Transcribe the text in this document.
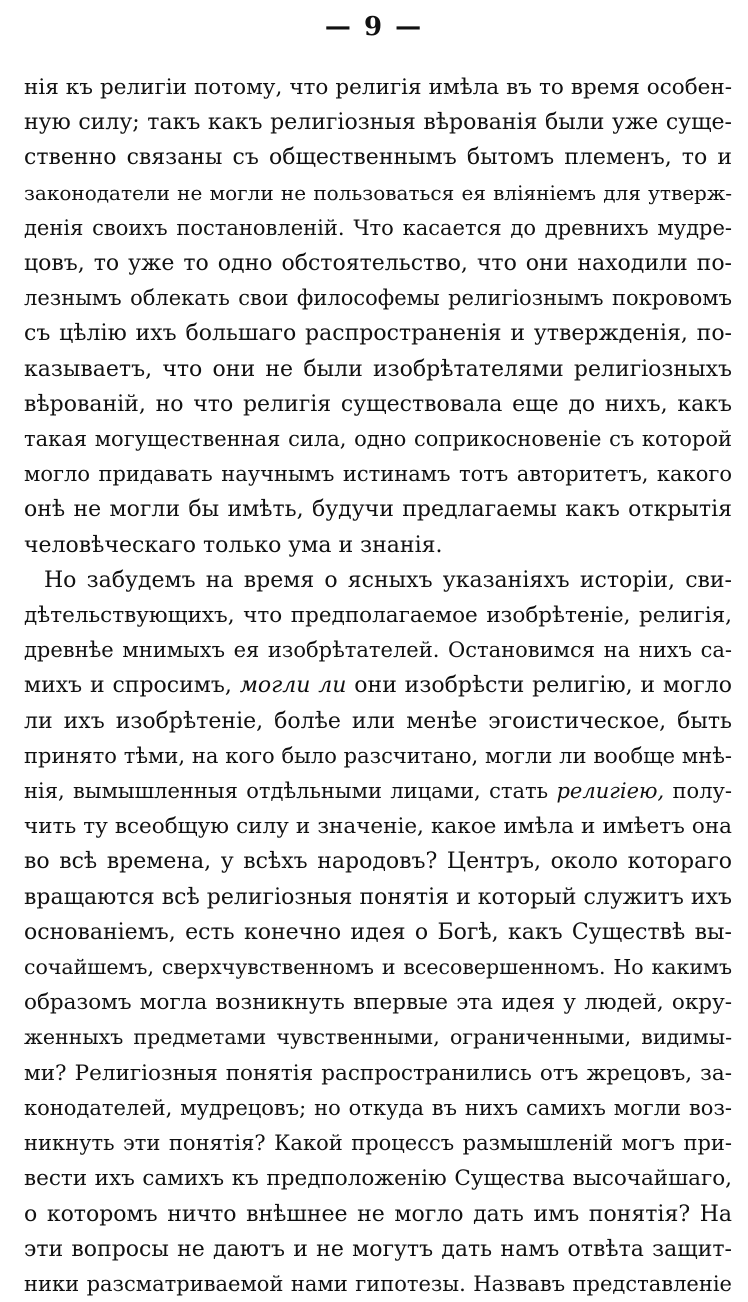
— 9 —
нія къ религіи потому, что религія имѣла въ то время особен-
ную силу; такъ какъ религіозныя вѣрованія были уже суще-
ственно связаны съ общественнымъ бытомъ племенъ, то и
законодатели не могли не пользоваться ея вліяніемъ для утверж-
денія своихъ постановленій. Что касается до древнихъ мудре-
цовъ, то уже то одно обстоятельство, что они находили по-
лезнымъ облекать свои философемы религіознымъ покровомъ
съ цѣлію ихъ большаго распространенія и утвержденія, по-
казываетъ, что они не были изобрѣтателями религіозныхъ
вѣрованій, но что религія существовала еще до нихъ, какъ
такая могущественная сила, одно соприкосновеніе съ которой
могло придавать научнымъ истинамъ тотъ авторитетъ, какого
онѣ не могли бы имѣть, будучи предлагаемы какъ открытія
человѣческаго только ума и знанія.
Но забудемъ на время о ясныхъ указаніяхъ исторіи, сви-
дѣтельствующихъ, что предполагаемое изобрѣтеніе, религія,
древнѣе мнимыхъ ея изобрѣтателей. Остановимся на нихъ са-
михъ и спросимъ, могли ли они изобрѣсти религію, и могло
ли ихъ изобрѣтеніе, болѣе или менѣе эгоистическое, быть
принято тѣми, на кого было разсчитано, могли ли вообще мнѣ-
нія, вымышленныя отдѣльными лицами, стать религіею, полу-
чить ту всеобщую силу и значеніе, какое имѣла и имѣетъ она
во всѣ времена, у всѣхъ народовъ? Центръ, около котораго
вращаются всѣ религіозныя понятія и который служитъ ихъ
основаніемъ, есть конечно идея о Богѣ, какъ Существѣ вы-
сочайшемъ, сверхчувственномъ и всесовершенномъ. Но какимъ
образомъ могла возникнуть впервые эта идея у людей, окру-
женныхъ предметами чувственными, ограниченными, видимы-
ми? Религіозныя понятія распространились отъ жрецовъ, за-
конодателей, мудрецовъ; но откуда въ нихъ самихъ могли воз-
никнуть эти понятія? Какой процессъ размышленій могъ при-
вести ихъ самихъ къ предположенію Существа высочайшаго,
о которомъ ничто внѣшнее не могло дать имъ понятія? На
эти вопросы не даютъ и не могутъ дать намъ отвѣта защит-
ники разсматриваемой нами гипотезы. Назвавъ представленіе
